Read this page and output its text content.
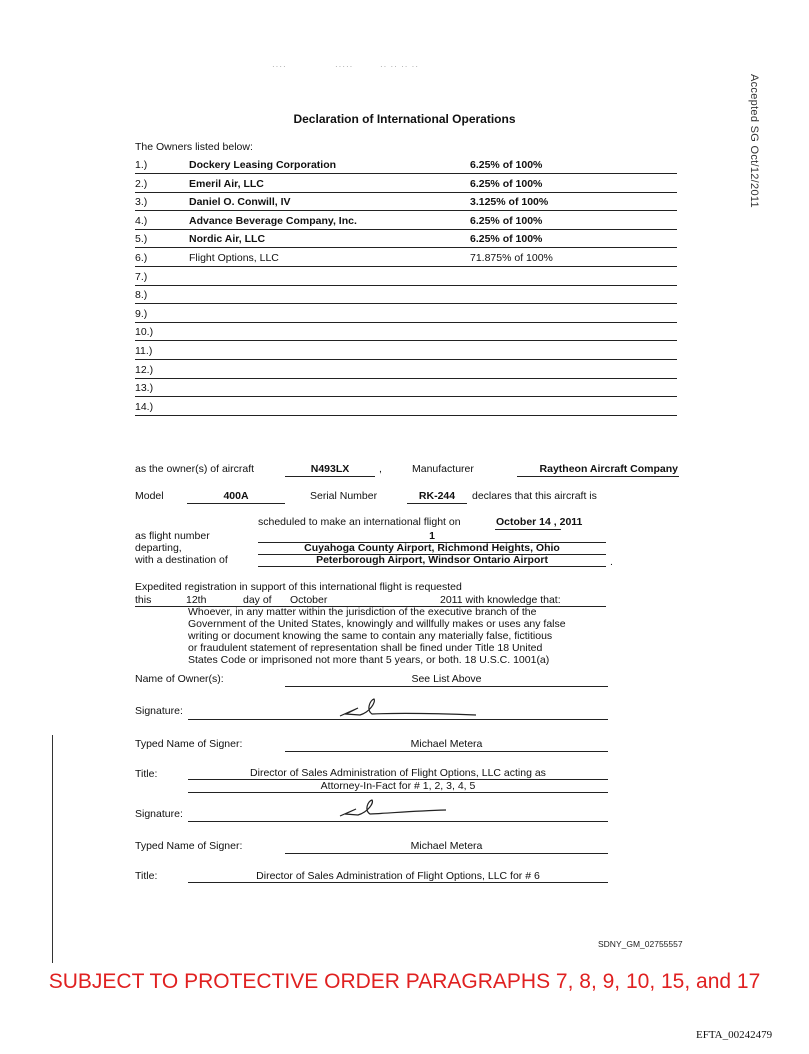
····	·····	·· ·· ·· ··
Declaration of International Operations	Accepted SG Oct/12/2011
The Owners listed below:
1.)	Dockery Leasing Corporation	6.25% of 100%
2.)	Emeril Air, LLC	6.25% of 100%
3.)	Daniel O. Conwill, IV	3.125% of 100%
4.)	Advance Beverage Company, Inc.	6.25% of 100%
5.)	Nordic Air, LLC	6.25% of 100%
6.)	Flight Options, LLC	71.875% of 100%
7.)
8.)
9.)
10.)
11.)
12.)
13.)
14.)
as the owner(s) of aircraft	N493LX	,	Manufacturer	Raytheon Aircraft Company
Model	400A	Serial Number	RK-244	declares that this aircraft is
scheduled to make an international flight on	October 14 , 2011
as flight number	1
departing,	Cuyahoga County Airport, Richmond Heights, Ohio
with a destination of	Peterborough Airport, Windsor Ontario Airport	.
Expedited registration in support of this international flight is requested
this	12th	day of October	2011 with knowledge that:
Whoever, in any matter within the jurisdiction of the executive branch of the
Government of the United States, knowingly and willfully makes or uses any false
writing or document knowing the same to contain any materially false, fictitious
or fraudulent statement of representation shall be fined under Title 18 United
States Code or imprisoned not more thant 5 years, or both. 18 U.S.C. 1001(a)
Name of Owner(s):	See List Above
Signature:
Typed Name of Signer:	Michael Metera
Title:	Director of Sales Administration of Flight Options, LLC acting as
Attorney-In-Fact for # 1, 2, 3, 4, 5
Signature:
Typed Name of Signer:	Michael Metera
Title:	Director of Sales Administration of Flight Options, LLC for # 6
SDNY_GM_02755557
SUBJECT TO PROTECTIVE ORDER PARAGRAPHS 7, 8, 9, 10, 15, and 17
EFTA_00242479
